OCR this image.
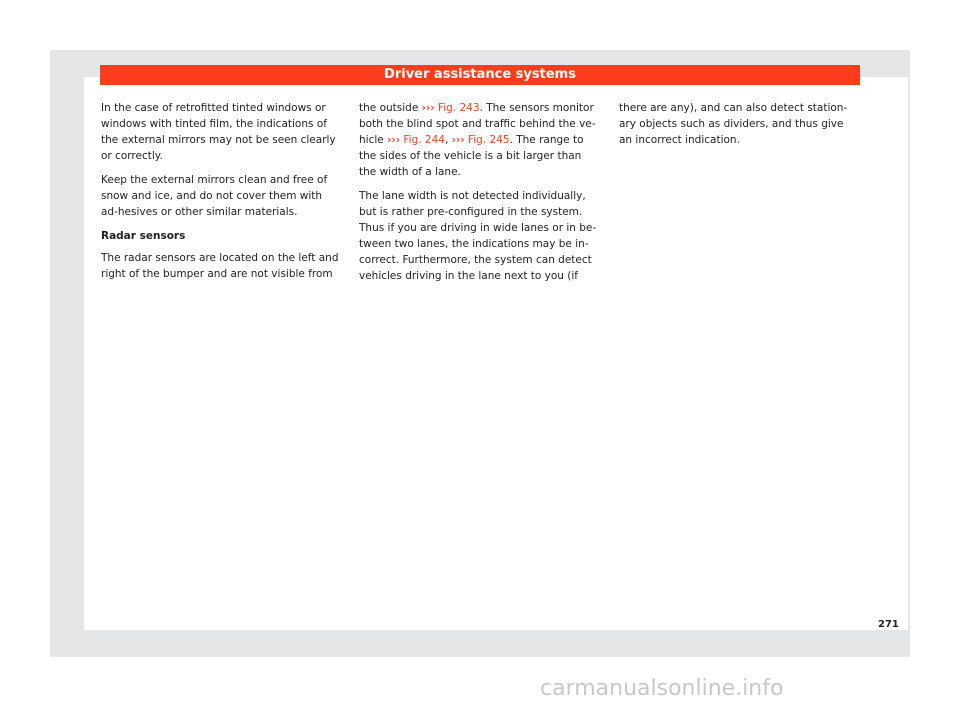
Driver assistance systems

In the case of retrofitted tinted windows or windows with tinted film, the indications of the external mirrors may not be seen clearly or correctly.

Keep the external mirrors clean and free of snow and ice, and do not cover them with ad-hesives or other similar materials.

Radar sensors

The radar sensors are located on the left and right of the bumper and are not visible from

the outside ››› Fig. 243. The sensors monitor both the blind spot and traffic behind the ve-hicle ››› Fig. 244, ››› Fig. 245. The range to the sides of the vehicle is a bit larger than the width of a lane.

The lane width is not detected individually, but is rather pre-configured in the system. Thus if you are driving in wide lanes or in be-tween two lanes, the indications may be in-correct. Furthermore, the system can detect vehicles driving in the lane next to you (if

there are any), and can also detect station-ary objects such as dividers, and thus give an incorrect indication.

271
carmanualsonline.info
